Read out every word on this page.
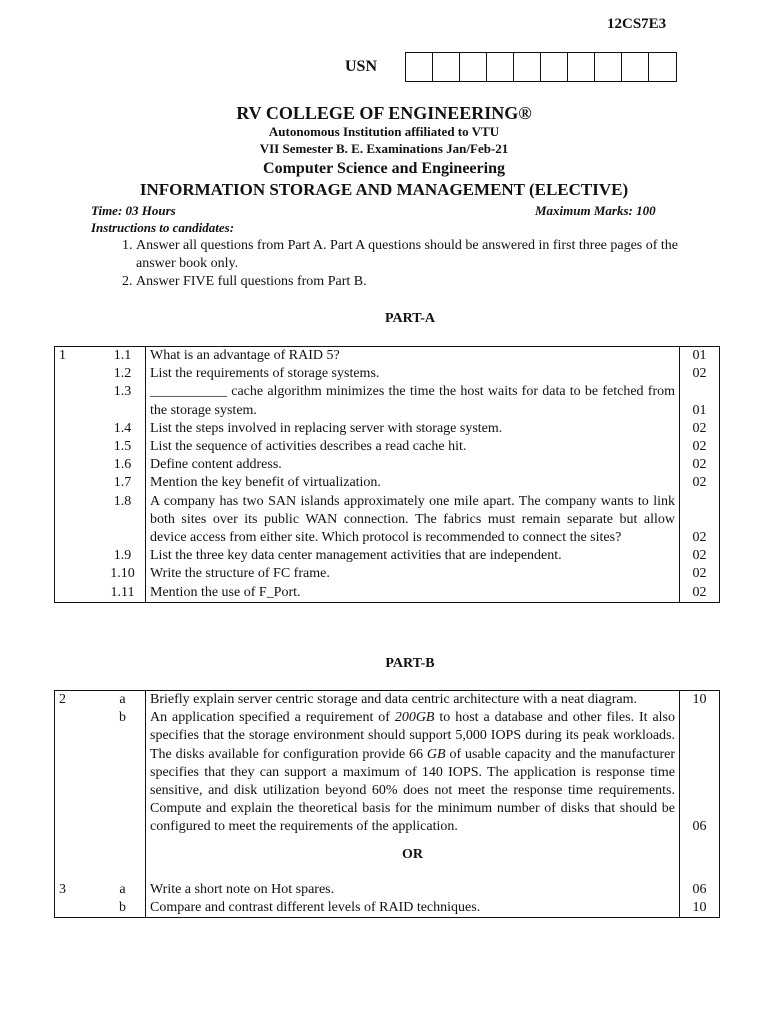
12CS7E3
USN
RV COLLEGE OF ENGINEERING®
Autonomous Institution affiliated to VTU
VII Semester B. E. Examinations Jan/Feb-21
Computer Science and Engineering
INFORMATION STORAGE AND MANAGEMENT (ELECTIVE)
Time: 03 Hours	Maximum Marks: 100
Instructions to candidates:
1. Answer all questions from Part A. Part A questions should be answered in first three pages of the answer book only.
2. Answer FIVE full questions from Part B.
PART-A
1	1.1	What is an advantage of RAID 5?	01
	1.2	List the requirements of storage systems.	02
	1.3	___________ cache algorithm minimizes the time the host waits for data to be fetched from the storage system.	01
	1.4	List the steps involved in replacing server with storage system.	02
	1.5	List the sequence of activities describes a read cache hit.	02
	1.6	Define content address.	02
	1.7	Mention the key benefit of virtualization.	02
	1.8	A company has two SAN islands approximately one mile apart. The company wants to link both sites over its public WAN connection. The fabrics must remain separate but allow device access from either site. Which protocol is recommended to connect the sites?	02
	1.9	List the three key data center management activities that are independent.	02
	1.10	Write the structure of FC frame.	02
	1.11	Mention the use of F_Port.	02
PART-B
2	a	Briefly explain server centric storage and data centric architecture with a neat diagram.	10
	b	An application specified a requirement of 200GB to host a database and other files. It also specifies that the storage environment should support 5,000 IOPS during its peak workloads. The disks available for configuration provide 66 GB of usable capacity and the manufacturer specifies that they can support a maximum of 140 IOPS. The application is response time sensitive, and disk utilization beyond 60% does not meet the response time requirements. Compute and explain the theoretical basis for the minimum number of disks that should be configured to meet the requirements of the application.	06
		OR	
3	a	Write a short note on Hot spares.	06
	b	Compare and contrast different levels of RAID techniques.	10
